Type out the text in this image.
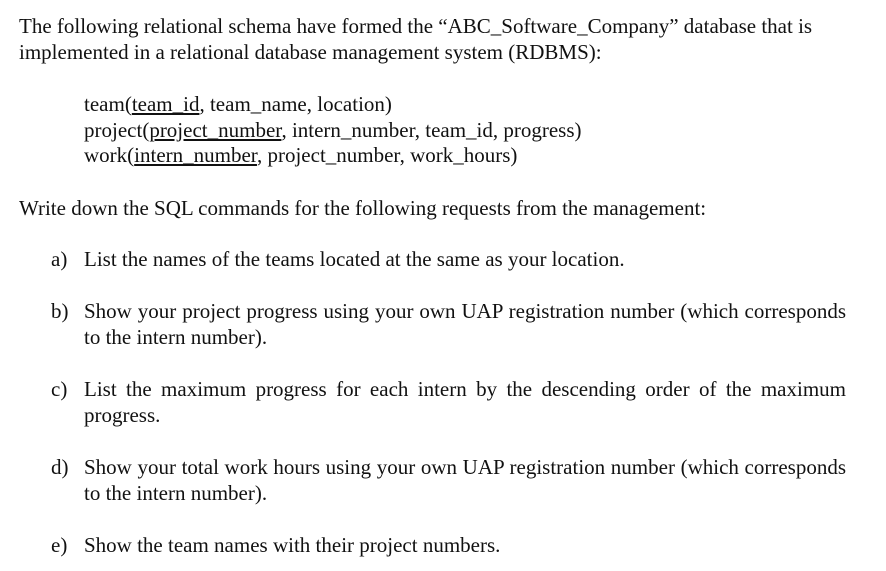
The following relational schema have formed the “ABC_Software_Company” database that is implemented in a relational database management system (RDBMS):

team(team_id, team_name, location)
project(project_number, intern_number, team_id, progress)
work(intern_number, project_number, work_hours)

Write down the SQL commands for the following requests from the management:

a) List the names of the teams located at the same as your location.
b) Show your project progress using your own UAP registration number (which corresponds to the intern number).
c) List the maximum progress for each intern by the descending order of the maximum progress.
d) Show your total work hours using your own UAP registration number (which corresponds to the intern number).
e) Show the team names with their project numbers.
